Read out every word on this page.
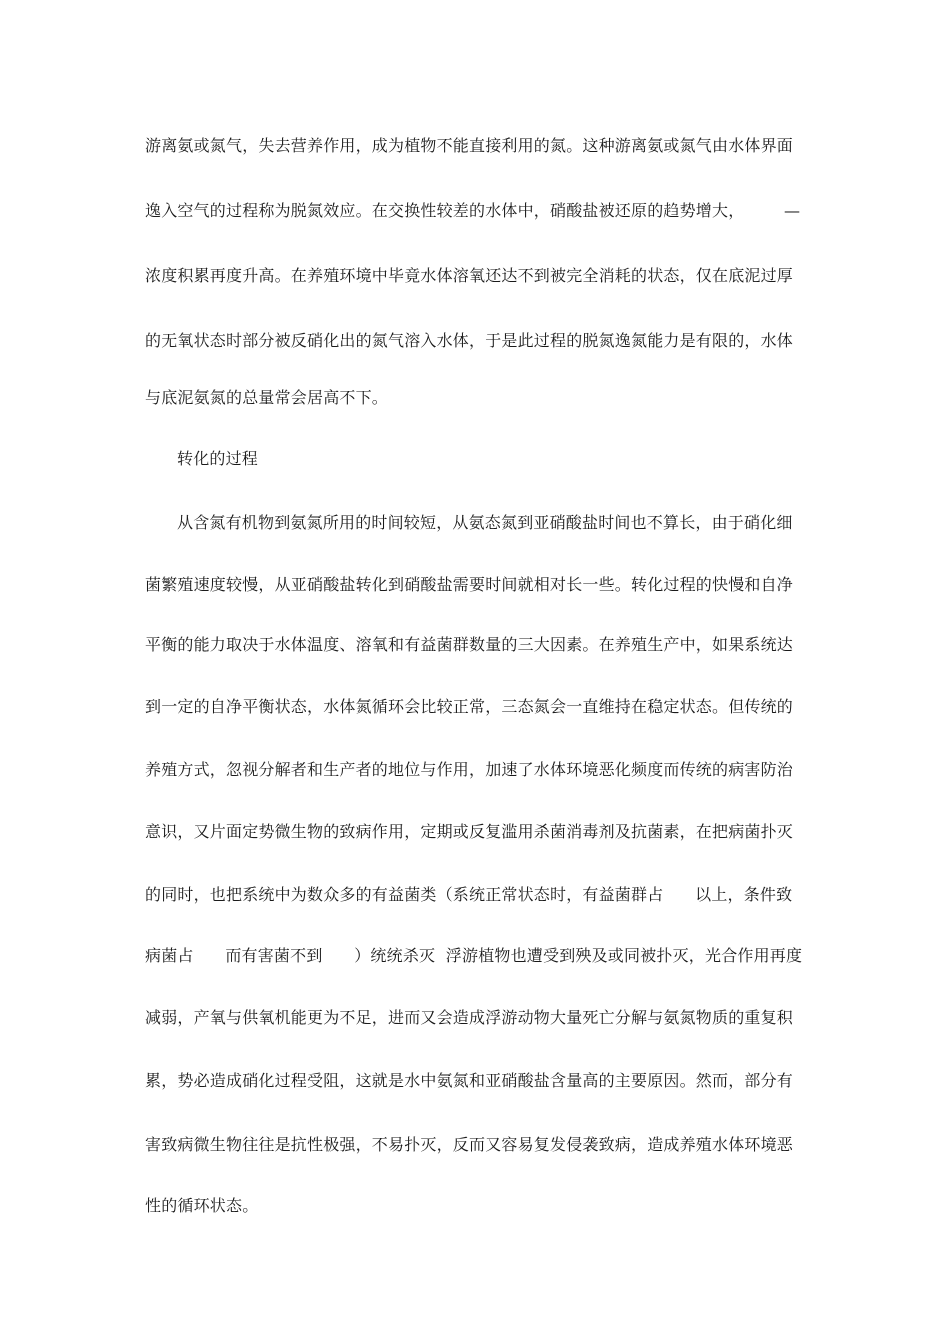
游离氨或氮气，失去营养作用，成为植物不能直接利用的氮。这种游离氨或氮气由水体界面
逸入空气的过程称为脱氮效应。在交换性较差的水体中，硝酸盐被还原的趋势增大， —
浓度积累再度升高。在养殖环境中毕竟水体溶氧还达不到被完全消耗的状态，仅在底泥过厚
的无氧状态时部分被反硝化出的氮气溶入水体，于是此过程的脱氮逸氮能力是有限的，水体
与底泥氨氮的总量常会居高不下。
转化的过程
从含氮有机物到氨氮所用的时间较短，从氨态氮到亚硝酸盐时间也不算长，由于硝化细
菌繁殖速度较慢，从亚硝酸盐转化到硝酸盐需要时间就相对长一些。转化过程的快慢和自净
平衡的能力取决于水体温度、溶氧和有益菌群数量的三大因素。在养殖生产中，如果系统达
到一定的自净平衡状态，水体氮循环会比较正常，三态氮会一直维持在稳定状态。但传统的
养殖方式，忽视分解者和生产者的地位与作用，加速了水体环境恶化频度而传统的病害防治
意识，又片面定势微生物的致病作用，定期或反复滥用杀菌消毒剂及抗菌素，在把病菌扑灭
的同时，也把系统中为数众多的有益菌类（系统正常状态时，有益菌群占      以上，条件致
病菌占      而有害菌不到      ）统统杀灭  浮游植物也遭受到殃及或同被扑灭，光合作用再度
减弱，产氧与供氧机能更为不足，进而又会造成浮游动物大量死亡分解与氨氮物质的重复积
累，势必造成硝化过程受阻，这就是水中氨氮和亚硝酸盐含量高的主要原因。然而，部分有
害致病微生物往往是抗性极强，不易扑灭，反而又容易复发侵袭致病，造成养殖水体环境恶
性的循环状态。
